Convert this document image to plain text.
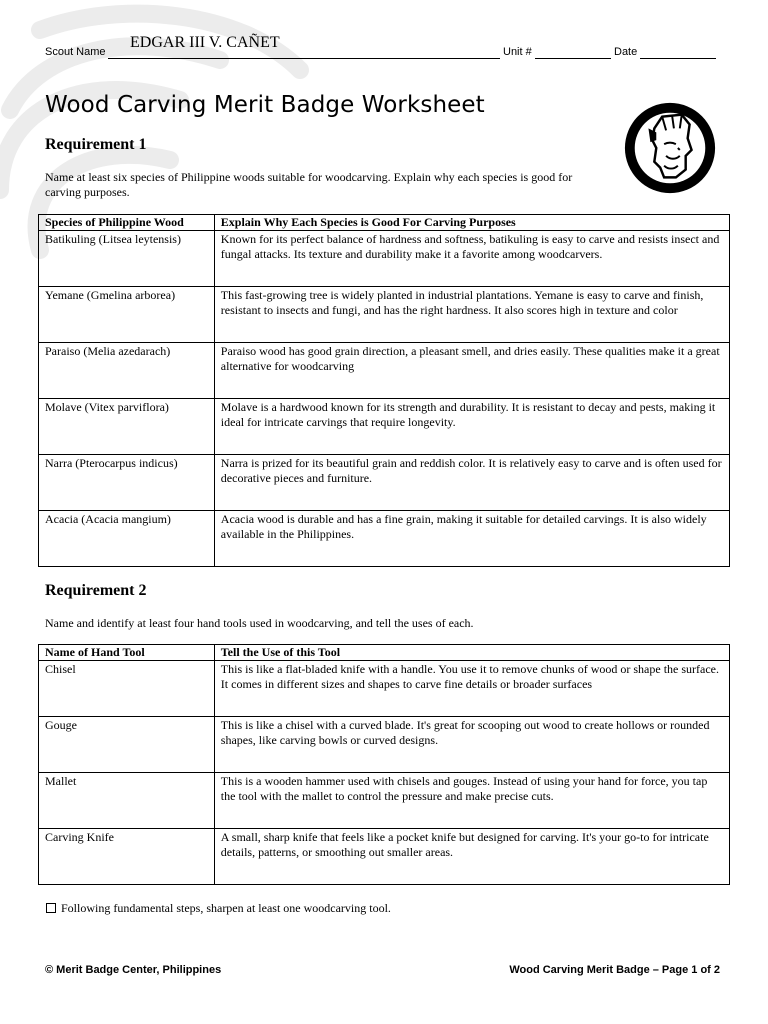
Scout Name	Unit #	Date
EDGAR III V. CAÑET
Wood Carving Merit Badge Worksheet
Requirement 1
Name at least six species of Philippine woods suitable for woodcarving. Explain why each species is good for
carving purposes.
Species of Philippine Wood	Explain Why Each Species is Good For Carving Purposes
Batikuling (Litsea leytensis)	Known for its perfect balance of hardness and softness, batikuling is easy to carve and resists insect and fungal attacks. Its texture and durability make it a favorite among woodcarvers.
Yemane (Gmelina arborea)	This fast-growing tree is widely planted in industrial plantations. Yemane is easy to carve and finish, resistant to insects and fungi, and has the right hardness. It also scores high in texture and color
Paraiso (Melia azedarach)	Paraiso wood has good grain direction, a pleasant smell, and dries easily. These qualities make it a great alternative for woodcarving
Molave (Vitex parviflora)	Molave is a hardwood known for its strength and durability. It is resistant to decay and pests, making it ideal for intricate carvings that require longevity.
Narra (Pterocarpus indicus)	Narra is prized for its beautiful grain and reddish color. It is relatively easy to carve and is often used for decorative pieces and furniture.
Acacia (Acacia mangium)	Acacia wood is durable and has a fine grain, making it suitable for detailed carvings. It is also widely available in the Philippines.
Requirement 2
Name and identify at least four hand tools used in woodcarving, and tell the uses of each.
Name of Hand Tool	Tell the Use of this Tool
Chisel	This is like a flat-bladed knife with a handle. You use it to remove chunks of wood or shape the surface. It comes in different sizes and shapes to carve fine details or broader surfaces
Gouge	This is like a chisel with a curved blade. It's great for scooping out wood to create hollows or rounded shapes, like carving bowls or curved designs.
Mallet	This is a wooden hammer used with chisels and gouges. Instead of using your hand for force, you tap the tool with the mallet to control the pressure and make precise cuts.
Carving Knife	A small, sharp knife that feels like a pocket knife but designed for carving. It's your go-to for intricate details, patterns, or smoothing out smaller areas.
Following fundamental steps, sharpen at least one woodcarving tool.
© Merit Badge Center, Philippines	Wood Carving Merit Badge – Page 1 of 2
